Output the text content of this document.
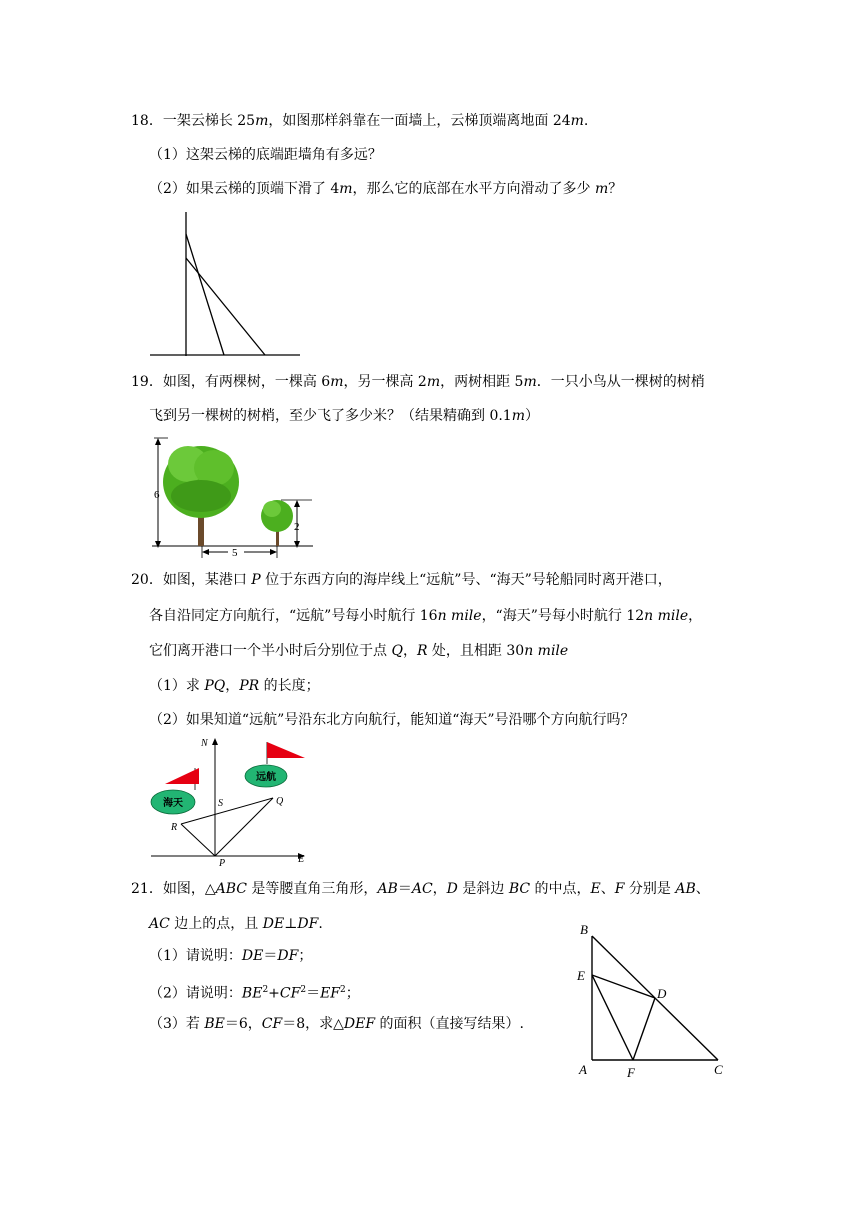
18．一架云梯长 25m，如图那样斜靠在一面墙上，云梯顶端离地面 24m.
（1）这架云梯的底端距墙角有多远？
（2）如果云梯的顶端下滑了 4m，那么它的底部在水平方向滑动了多少 m？
19．如图，有两棵树，一棵高 6m，另一棵高 2m，两树相距 5m．一只小鸟从一棵树的树梢
飞到另一棵树的树梢，至少飞了多少米？（结果精确到 0.1m）
6
2
5
20．如图，某港口 P 位于东西方向的海岸线上“远航”号、“海天”号轮船同时离开港口，
各自沿同定方向航行，“远航”号每小时航行 16n mile，“海天”号每小时航行 12n mile，
它们离开港口一个半小时后分别位于点 Q，R 处，且相距 30n mile
（1）求 PQ，PR 的长度；
（2）如果知道“远航”号沿东北方向航行，能知道“海天”号沿哪个方向航行吗？
E
N
P
Q
R
S
远航
海天
21．如图，△ABC 是等腰直角三角形，AB＝AC，D 是斜边 BC 的中点，E、F 分别是 AB、
AC 边上的点，且 DE⊥DF.
（1）请说明：DE＝DF；
（2）请说明：$BE^2+CF^2=EF^2$；
（3）若 BE＝6，CF＝8，求△DEF 的面积（直接写结果）.
B
E
D
A	F	C
